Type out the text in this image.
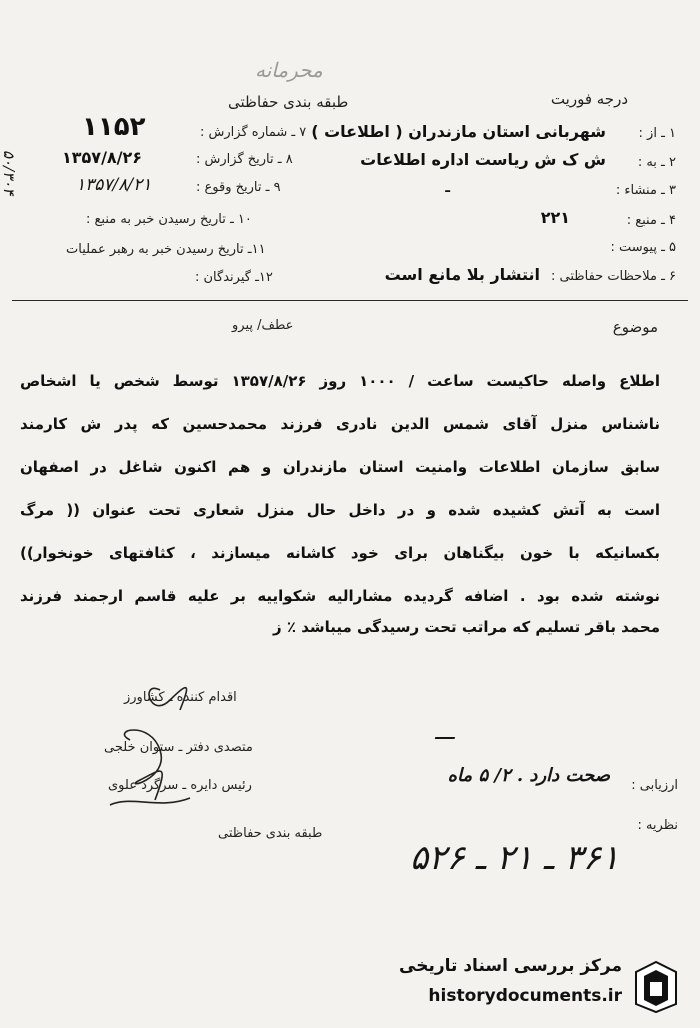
محرمانه
طبقه بندی حفاظتی	درجه فوریت
۱ ـ از :
شهربانی استان مازندران ( اطلاعات )
۲ ـ به :
ش ک ش ریاست اداره اطلاعات
۳ ـ منشاء :
ـ
۴ ـ منبع :
۲۲۱
۵ ـ پیوست :
۶ ـ ملاحظات حفاظتی :
انتشار بلا مانع است
۷ ـ شماره گزارش :
۱۱۵۲
۸ ـ تاریخ گزارش :
۱۳۵۷/۸/۲۶
۹ ـ تاریخ وقوع :
۱۳۵۷/۸/۲۱
۱۰ ـ تاریخ رسیدن خبر به منبع :
۱۱ـ تاریخ رسیدن خبر به رهبر عملیات
۱۲ـ گیرندگان :
۵۰/۳۰۴
موضوع
عطف/ پیرو
اطلاع واصله حاکیست ساعت / ۱۰۰۰ روز ۱۳۵۷/۸/۲۶ توسط شخص یا اشخاص
ناشناس منزل آقای شمس الدین نادری فرزند محمدحسین که پدر ش کارمند
سابق سازمان اطلاعات وامنیت استان مازندران و هم اکنون شاغل در اصفهان
است به آتش کشیده شده و در داخل حال منزل شعاری تحت عنوان (( مرگ
بکسانیکه با خون بیگناهان برای خود کاشانه میسازند ، کثافتهای خونخوار))
نوشته شده بود . اضافه گردیده مشارالیه شکواییه بر علیه قاسم ارجمند فرزند
محمد باقر تسلیم که مراتب تحت رسیدگی میباشد ٪ ز
اقدام کننده ـ کشاورز
متصدی دفتر ـ ستوان خلجی
رئیس دایره ـ سرگرد علوی
طبقه بندی حفاظتی
ـــ
ارزیابی :
صحت دارد . ۲/ ۵ ماه
نظریه :
۳۶۱ ـ ۲۱ ـ ۵۲۶
مرکز بررسی اسناد تاریخی
historydocuments.ir
